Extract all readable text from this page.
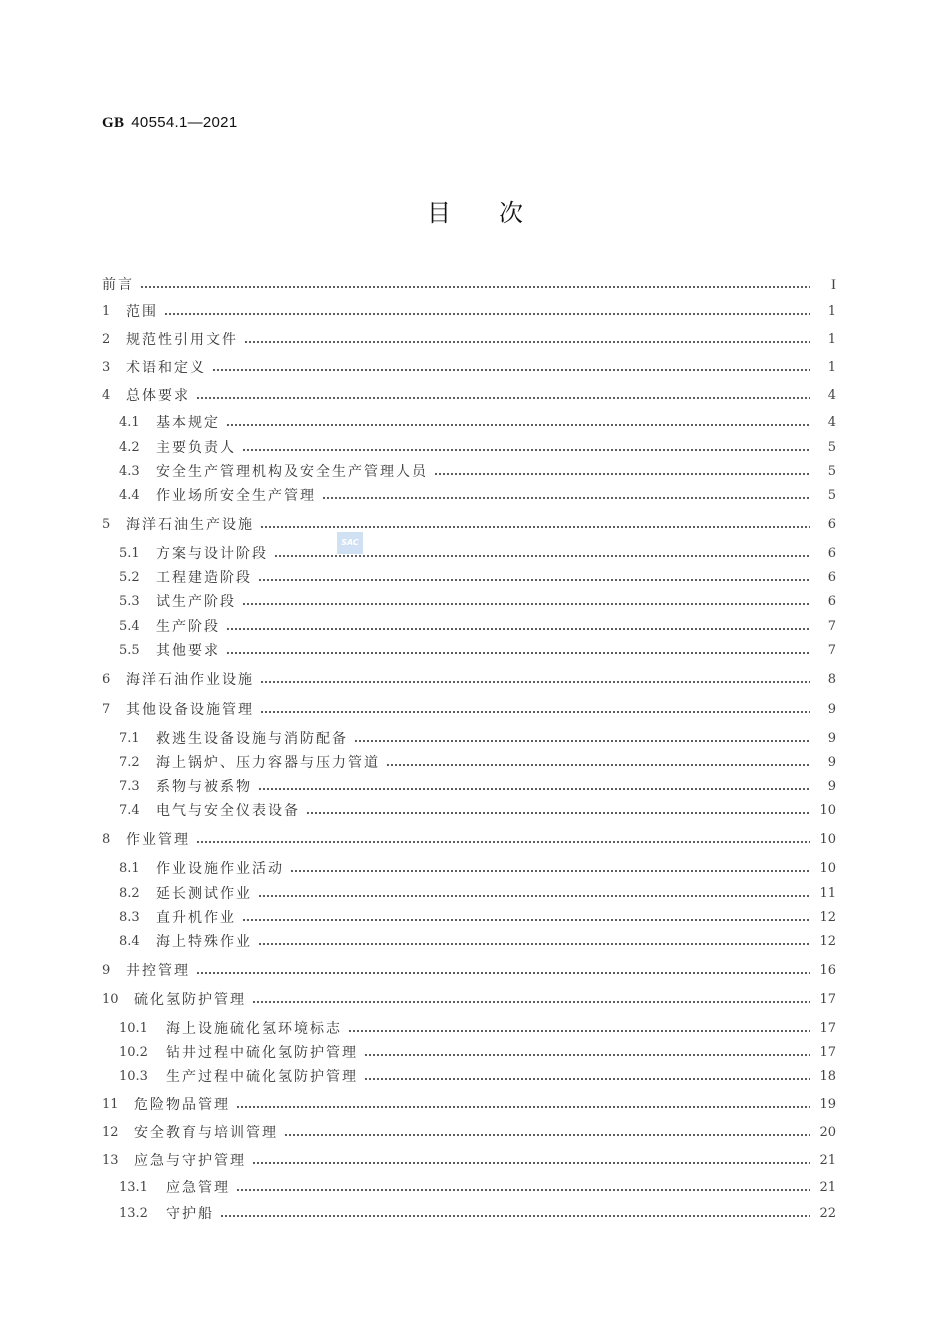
GB 40554.1—2021
目 次
SAC
前言	I
1	范围	1
2	规范性引用文件	1
3	术语和定义	1
4	总体要求	4
4.1	基本规定	4
4.2	主要负责人	5
4.3	安全生产管理机构及安全生产管理人员	5
4.4	作业场所安全生产管理	5
5	海洋石油生产设施	6
5.1	方案与设计阶段	6
5.2	工程建造阶段	6
5.3	试生产阶段	6
5.4	生产阶段	7
5.5	其他要求	7
6	海洋石油作业设施	8
7	其他设备设施管理	9
7.1	救逃生设备设施与消防配备	9
7.2	海上锅炉、压力容器与压力管道	9
7.3	系物与被系物	9
7.4	电气与安全仪表设备	10
8	作业管理	10
8.1	作业设施作业活动	10
8.2	延长测试作业	11
8.3	直升机作业	12
8.4	海上特殊作业	12
9	井控管理	16
10	硫化氢防护管理	17
10.1	海上设施硫化氢环境标志	17
10.2	钻井过程中硫化氢防护管理	17
10.3	生产过程中硫化氢防护管理	18
11	危险物品管理	19
12	安全教育与培训管理	20
13	应急与守护管理	21
13.1	应急管理	21
13.2	守护船	22
